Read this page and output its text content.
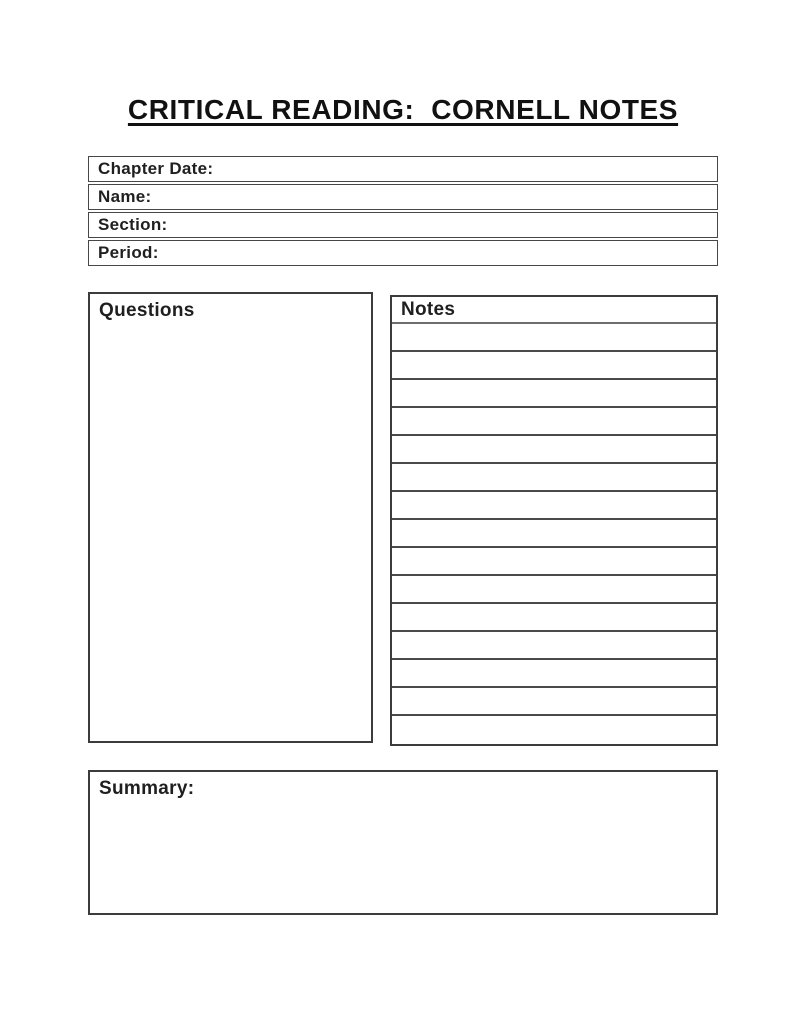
CRITICAL READING:  CORNELL NOTES
Chapter Date:
Name:
Section:
Period:
Questions	Notes
Summary:
